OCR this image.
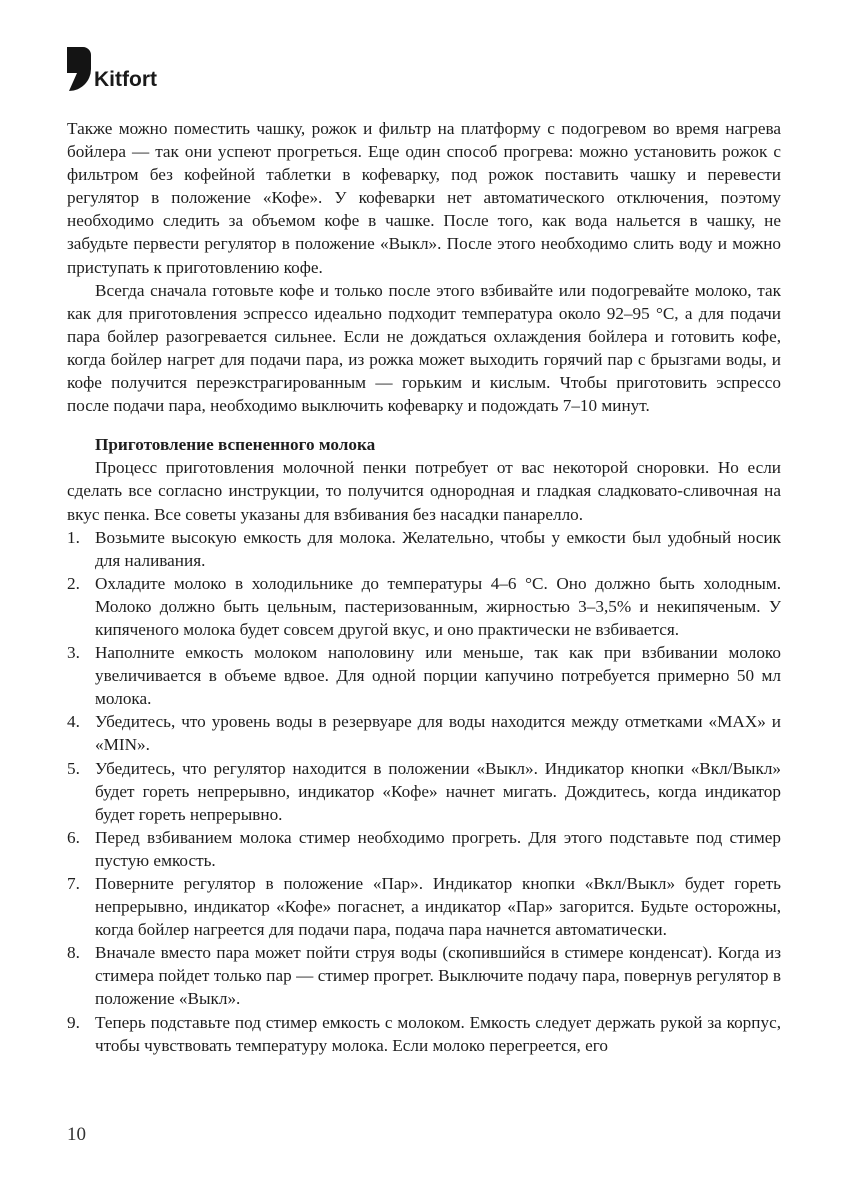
Kitfort

Также можно поместить чашку, рожок и фильтр на платформу с подогревом во время нагрева бойлера — так они успеют прогреться. Еще один способ прогрева: можно установить рожок с фильтром без кофейной таблетки в кофеварку, под рожок поставить чашку и перевести регулятор в положение «Кофе». У кофеварки нет автоматического отключения, поэтому необходимо следить за объемом кофе в чашке. После того, как вода нальется в чашку, не забудьте первести регулятор в положение «Выкл». После этого необходимо слить воду и можно приступать к приготовлению кофе.

Всегда сначала готовьте кофе и только после этого взбивайте или подогревайте молоко, так как для приготовления эспрессо идеально подходит температура около 92–95 °С, а для подачи пара бойлер разогревается сильнее. Если не дождаться охлаждения бойлера и готовить кофе, когда бойлер нагрет для подачи пара, из рожка может выходить горячий пар с брызгами воды, и кофе получится переэкстрагированным — горьким и кислым. Чтобы приготовить эспрессо после подачи пара, необходимо выключить кофеварку и подождать 7–10 минут.

Приготовление вспененного молока

Процесс приготовления молочной пенки потребует от вас некоторой сноровки. Но если сделать все согласно инструкции, то получится однородная и гладкая сладковато-сливочная на вкус пенка. Все советы указаны для взбивания без насадки панарелло.

1. Возьмите высокую емкость для молока. Желательно, чтобы у емкости был удобный носик для наливания.
2. Охладите молоко в холодильнике до температуры 4–6 °С. Оно должно быть холодным. Молоко должно быть цельным, пастеризованным, жирностью 3–3,5% и некипяченым. У кипяченого молока будет совсем другой вкус, и оно практически не взбивается.
3. Наполните емкость молоком наполовину или меньше, так как при взбивании молоко увеличивается в объеме вдвое. Для одной порции капучино потребуется примерно 50 мл молока.
4. Убедитесь, что уровень воды в резервуаре для воды находится между отметками «MAX» и «MIN».
5. Убедитесь, что регулятор находится в положении «Выкл». Индикатор кнопки «Вкл/Выкл» будет гореть непрерывно, индикатор «Кофе» начнет мигать. Дождитесь, когда индикатор будет гореть непрерывно.
6. Перед взбиванием молока стимер необходимо прогреть. Для этого подставьте под стимер пустую емкость.
7. Поверните регулятор в положение «Пар». Индикатор кнопки «Вкл/Выкл» будет гореть непрерывно, индикатор «Кофе» погаснет, а индикатор «Пар» загорится. Будьте осторожны, когда бойлер нагреется для подачи пара, подача пара начнется автоматически.
8. Вначале вместо пара может пойти струя воды (скопившийся в стимере конденсат). Когда из стимера пойдет только пар — стимер прогрет. Выключите подачу пара, повернув регулятор в положение «Выкл».
9. Теперь подставьте под стимер емкость с молоком. Емкость следует держать рукой за корпус, чтобы чувствовать температуру молока. Если молоко перегреется, его
10
